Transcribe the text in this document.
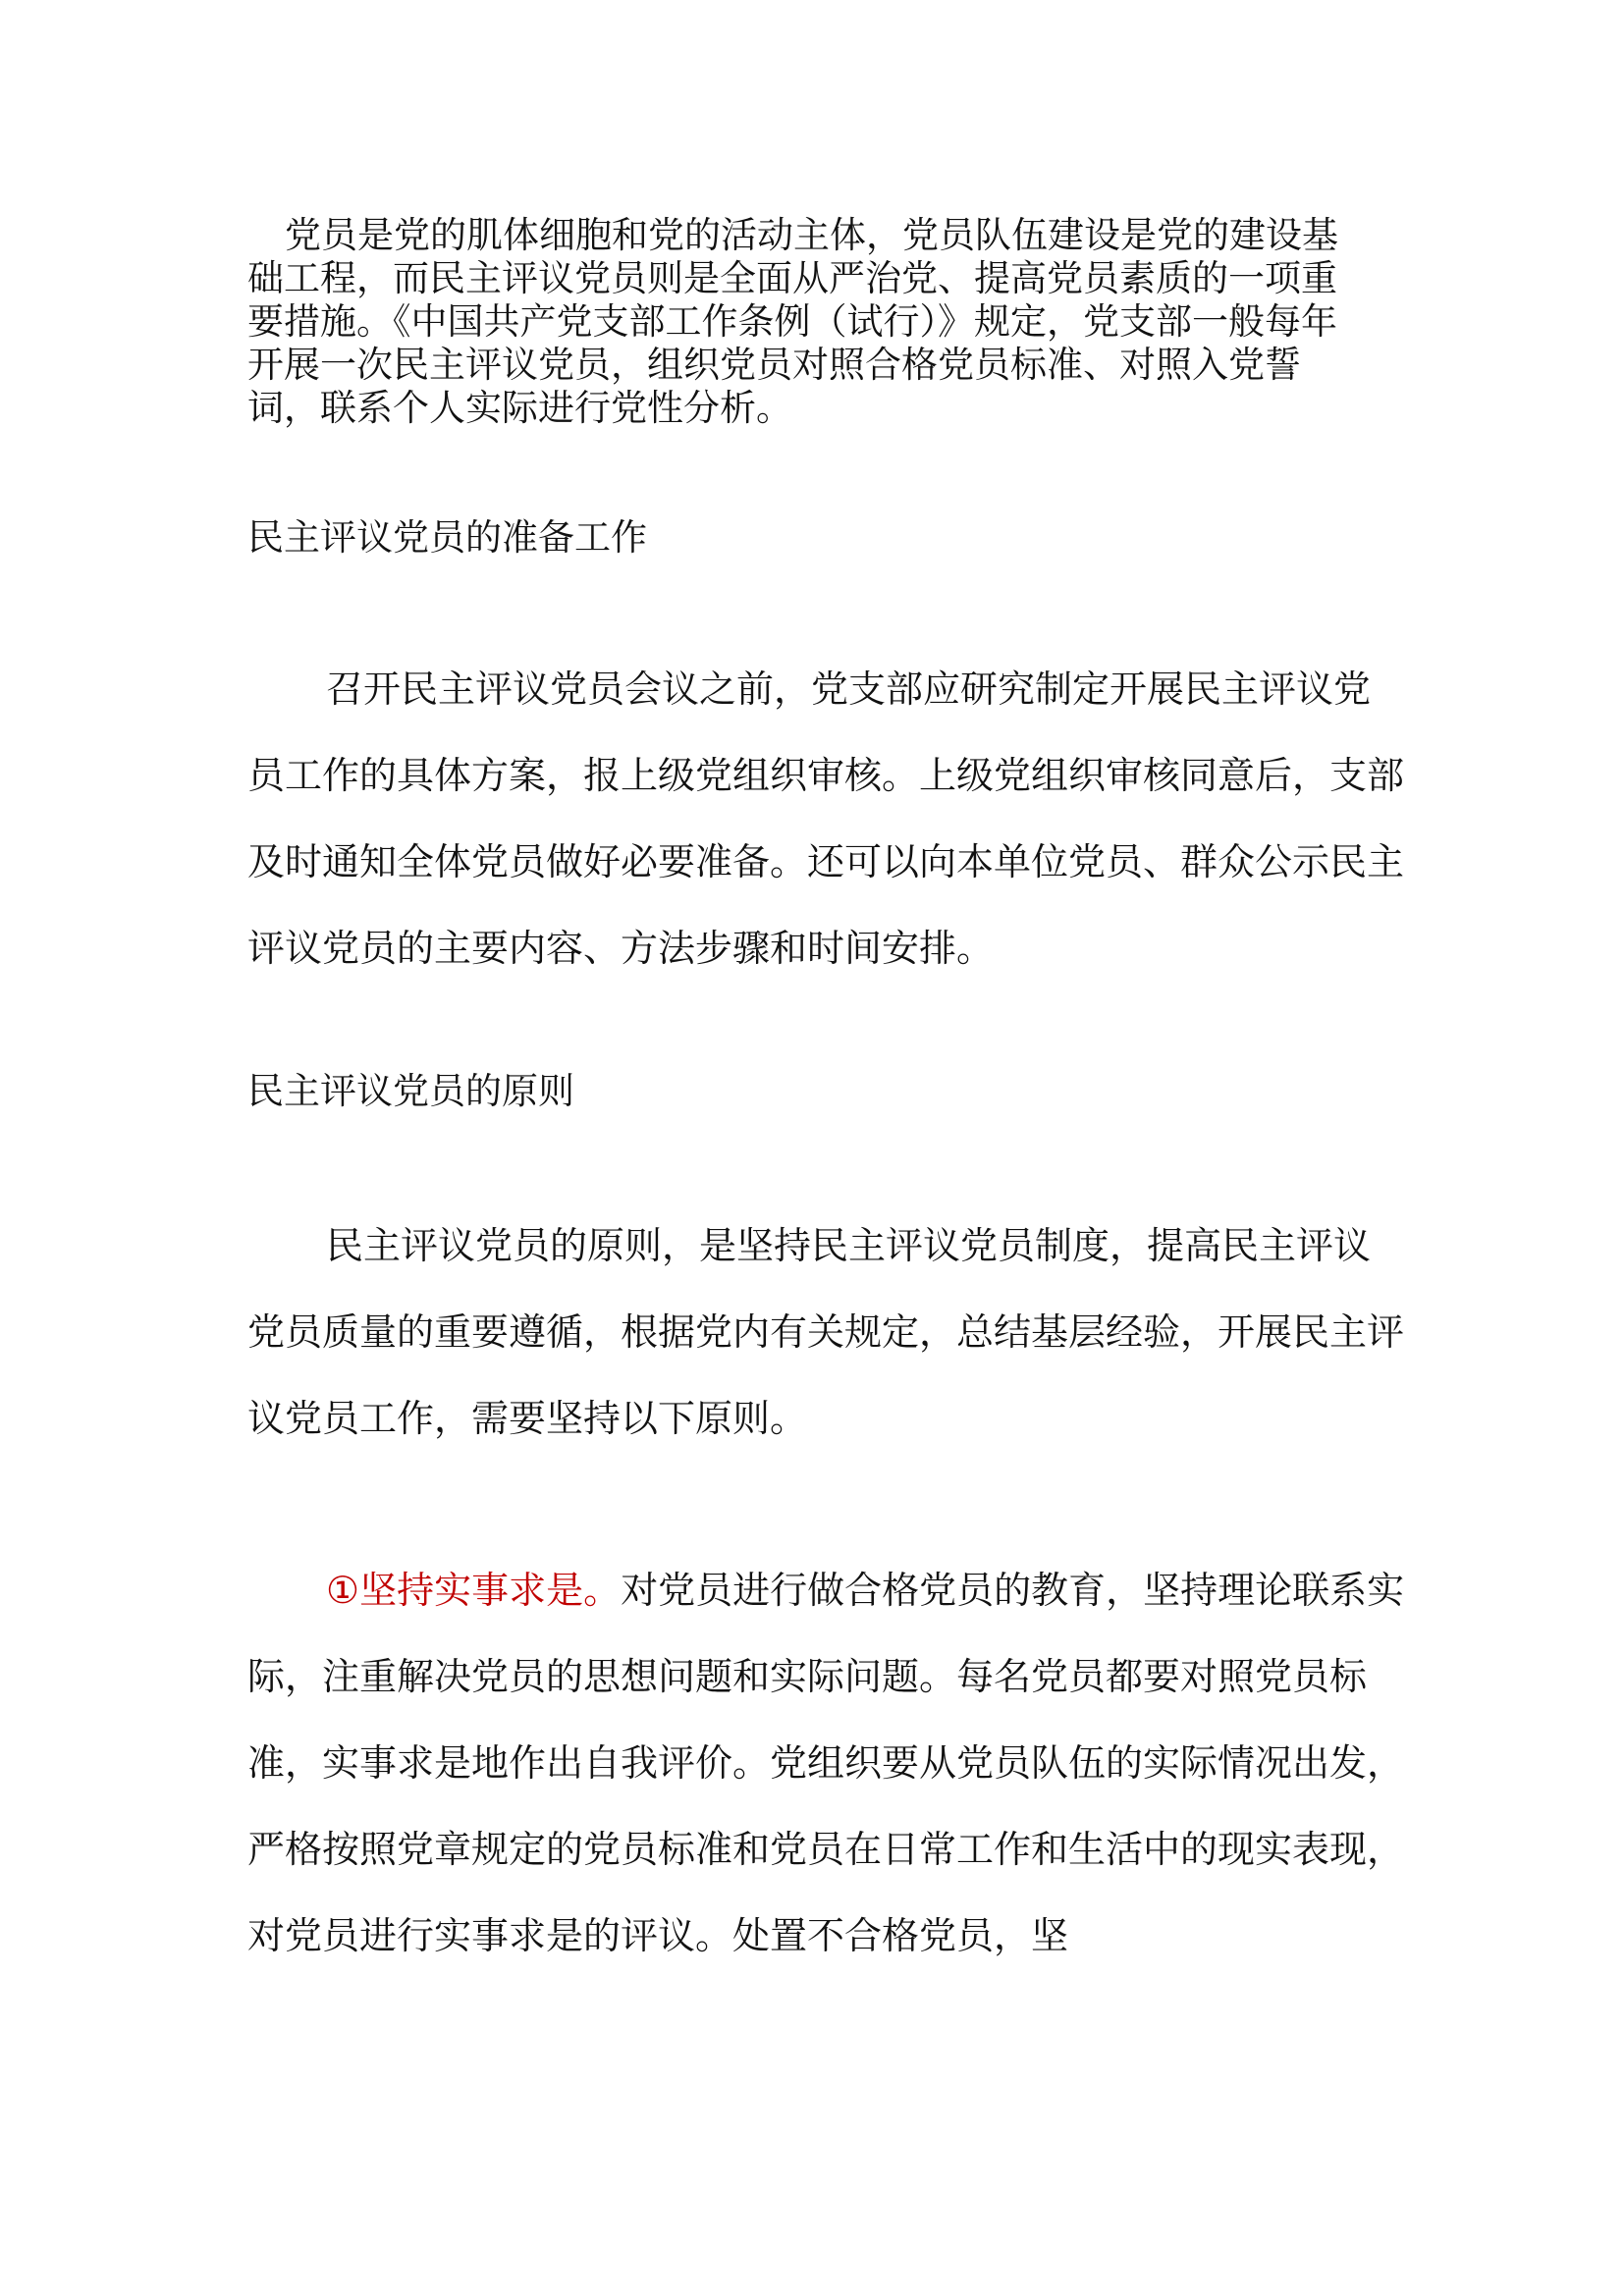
党员是党的肌体细胞和党的活动主体，党员队伍建设是党的建设基础工程，而民主评议党员则是全面从严治党、提高党员素质的一项重要措施。《中国共产党支部工作条例（试行）》规定，党支部一般每年开展一次民主评议党员，组织党员对照合格党员标准、对照入党誓词，联系个人实际进行党性分析。

民主评议党员的准备工作

召开民主评议党员会议之前，党支部应研究制定开展民主评议党员工作的具体方案，报上级党组织审核。上级党组织审核同意后，支部及时通知全体党员做好必要准备。还可以向本单位党员、群众公示民主评议党员的主要内容、方法步骤和时间安排。

民主评议党员的原则

民主评议党员的原则，是坚持民主评议党员制度，提高民主评议党员质量的重要遵循，根据党内有关规定，总结基层经验，开展民主评议党员工作，需要坚持以下原则。

①坚持实事求是。对党员进行做合格党员的教育，坚持理论联系实际，注重解决党员的思想问题和实际问题。每名党员都要对照党员标准，实事求是地作出自我评价。党组织要从党员队伍的实际情况出发，严格按照党章规定的党员标准和党员在日常工作和生活中的现实表现，对党员进行实事求是的评议。处置不合格党员，坚
